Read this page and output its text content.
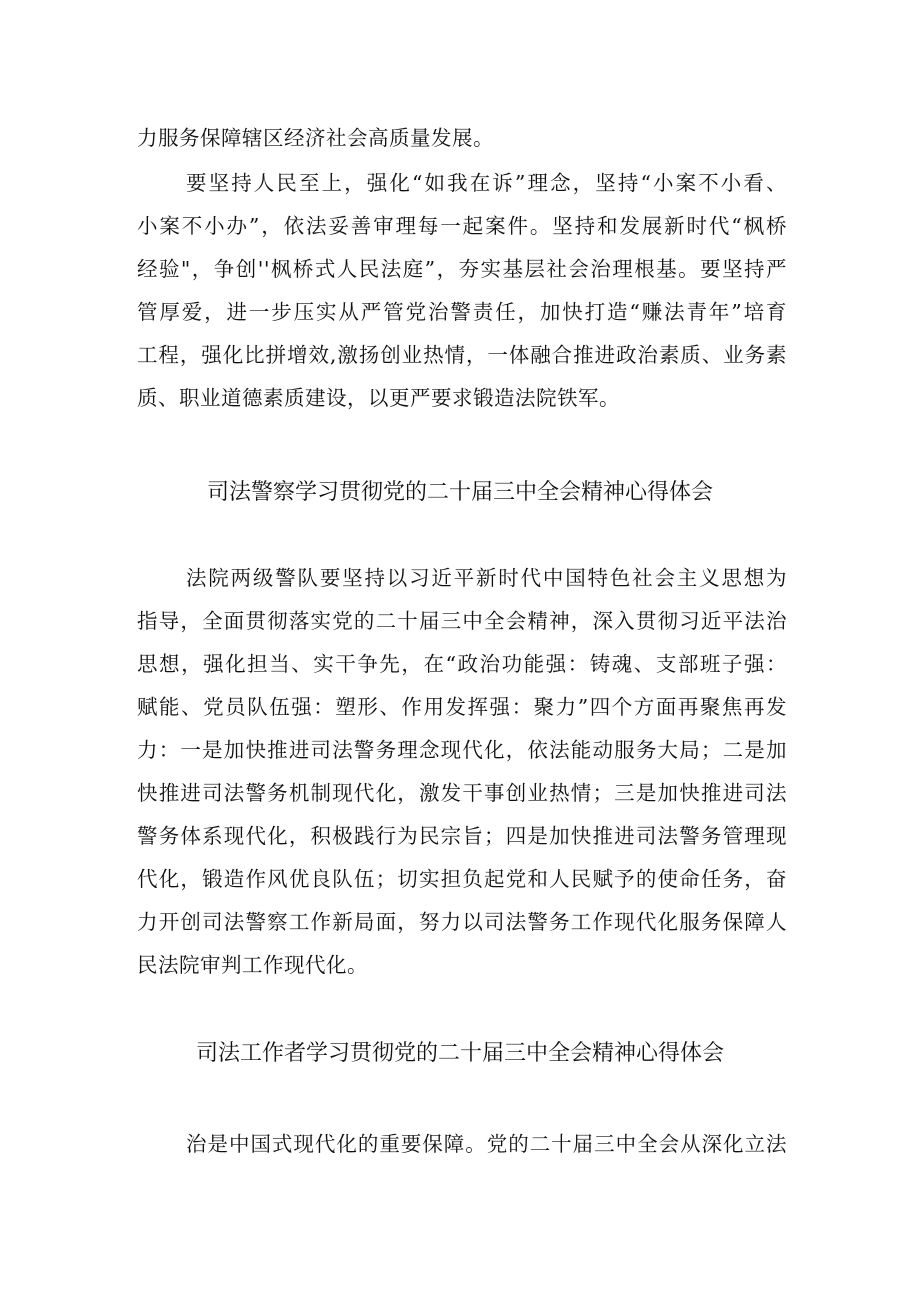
力服务保障辖区经济社会高质量发展。
要坚持人民至上，强化“如我在诉”理念，坚持“小案不小看、
小案不小办”，依法妥善审理每一起案件。坚持和发展新时代“枫桥
经验"，争创''枫桥式人民法庭”，夯实基层社会治理根基。要坚持严
管厚爱，进一步压实从严管党治警责任，加快打造“赚法青年”培育
工程，强化比拼增效,激扬创业热情，一体融合推进政治素质、业务素
质、职业道德素质建设，以更严要求锻造法院铁军。
司法警察学习贯彻党的二十届三中全会精神心得体会
法院两级警队要坚持以习近平新时代中国特色社会主义思想为
指导，全面贯彻落实党的二十届三中全会精神，深入贯彻习近平法治
思想，强化担当、实干争先，在“政治功能强：铸魂、支部班子强：
赋能、党员队伍强：塑形、作用发挥强：聚力”四个方面再聚焦再发
力：一是加快推进司法警务理念现代化，依法能动服务大局；二是加
快推进司法警务机制现代化，激发干事创业热情；三是加快推进司法
警务体系现代化，积极践行为民宗旨；四是加快推进司法警务管理现
代化，锻造作风优良队伍；切实担负起党和人民赋予的使命任务，奋
力开创司法警察工作新局面，努力以司法警务工作现代化服务保障人
民法院审判工作现代化。
司法工作者学习贯彻党的二十届三中全会精神心得体会
治是中国式现代化的重要保障。党的二十届三中全会从深化立法
